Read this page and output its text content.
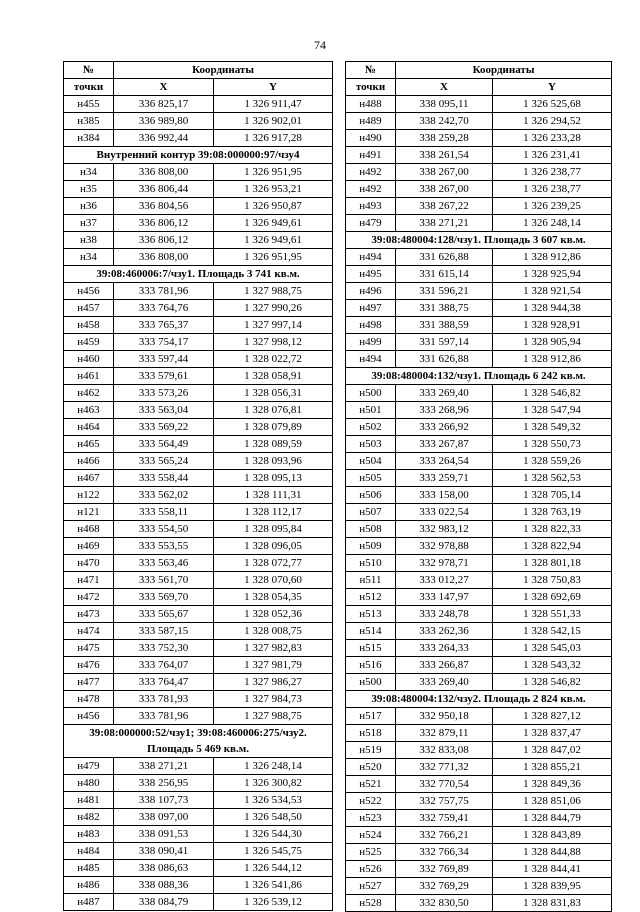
74
№	Координаты	
точки	X	Y
н455	336 825,17	1 326 911,47
н385	336 989,80	1 326 902,01
н384	336 992,44	1 326 917,28
Внутренний контур 39:08:000000:97/чзу4		
н34	336 808,00	1 326 951,95
н35	336 806,44	1 326 953,21
н36	336 804,56	1 326 950,87
н37	336 806,12	1 326 949,61
н38	336 806,12	1 326 949,61
н34	336 808,00	1 326 951,95
39:08:460006:7/чзу1. Площадь 3 741 кв.м.		
н456	333 781,96	1 327 988,75
н457	333 764,76	1 327 990,26
н458	333 765,37	1 327 997,14
н459	333 754,17	1 327 998,12
н460	333 597,44	1 328 022,72
н461	333 579,61	1 328 058,91
н462	333 573,26	1 328 056,31
н463	333 563,04	1 328 076,81
н464	333 569,22	1 328 079,89
н465	333 564,49	1 328 089,59
н466	333 565,24	1 328 093,96
н467	333 558,44	1 328 095,13
н122	333 562,02	1 328 111,31
н121	333 558,11	1 328 112,17
н468	333 554,50	1 328 095,84
н469	333 553,55	1 328 096,05
н470	333 563,46	1 328 072,77
н471	333 561,70	1 328 070,60
н472	333 569,70	1 328 054,35
н473	333 565,67	1 328 052,36
н474	333 587,15	1 328 008,75
н475	333 752,30	1 327 982,83
н476	333 764,07	1 327 981,79
н477	333 764,47	1 327 986,27
н478	333 781,93	1 327 984,73
н456	333 781,96	1 327 988,75
39:08:000000:52/чзу1; 39:08:460006:275/чзу2.
Площадь 5 469 кв.м.		
н479	338 271,21	1 326 248,14
н480	338 256,95	1 326 300,82
н481	338 107,73	1 326 534,53
н482	338 097,00	1 326 548,50
н483	338 091,53	1 326 544,30
н484	338 090,41	1 326 545,75
н485	338 086,63	1 326 544,12
н486	338 088,36	1 326 541,86
н487	338 084,79	1 326 539,12
№	Координаты	
точки	X	Y
н488	338 095,11	1 326 525,68
н489	338 242,70	1 326 294,52
н490	338 259,28	1 326 233,28
н491	338 261,54	1 326 231,41
н492	338 267,00	1 326 238,77
н492	338 267,00	1 326 238,77
н493	338 267,22	1 326 239,25
н479	338 271,21	1 326 248,14
39:08:480004:128/чзу1. Площадь 3 607 кв.м.		
н494	331 626,88	1 328 912,86
н495	331 615,14	1 328 925,94
н496	331 596,21	1 328 921,54
н497	331 388,75	1 328 944,38
н498	331 388,59	1 328 928,91
н499	331 597,14	1 328 905,94
н494	331 626,88	1 328 912,86
39:08:480004:132/чзу1. Площадь 6 242 кв.м.		
н500	333 269,40	1 328 546,82
н501	333 268,96	1 328 547,94
н502	333 266,92	1 328 549,32
н503	333 267,87	1 328 550,73
н504	333 264,54	1 328 559,26
н505	333 259,71	1 328 562,53
н506	333 158,00	1 328 705,14
н507	333 022,54	1 328 763,19
н508	332 983,12	1 328 822,33
н509	332 978,88	1 328 822,94
н510	332 978,71	1 328 801,18
н511	333 012,27	1 328 750,83
н512	333 147,97	1 328 692,69
н513	333 248,78	1 328 551,33
н514	333 262,36	1 328 542,15
н515	333 264,33	1 328 545,03
н516	333 266,87	1 328 543,32
н500	333 269,40	1 328 546,82
39:08:480004:132/чзу2. Площадь 2 824 кв.м.		
н517	332 950,18	1 328 827,12
н518	332 879,11	1 328 837,47
н519	332 833,08	1 328 847,02
н520	332 771,32	1 328 855,21
н521	332 770,54	1 328 849,36
н522	332 757,75	1 328 851,06
н523	332 759,41	1 328 844,79
н524	332 766,21	1 328 843,89
н525	332 766,34	1 328 844,88
н526	332 769,89	1 328 844,41
н527	332 769,29	1 328 839,95
н528	332 830,50	1 328 831,83
